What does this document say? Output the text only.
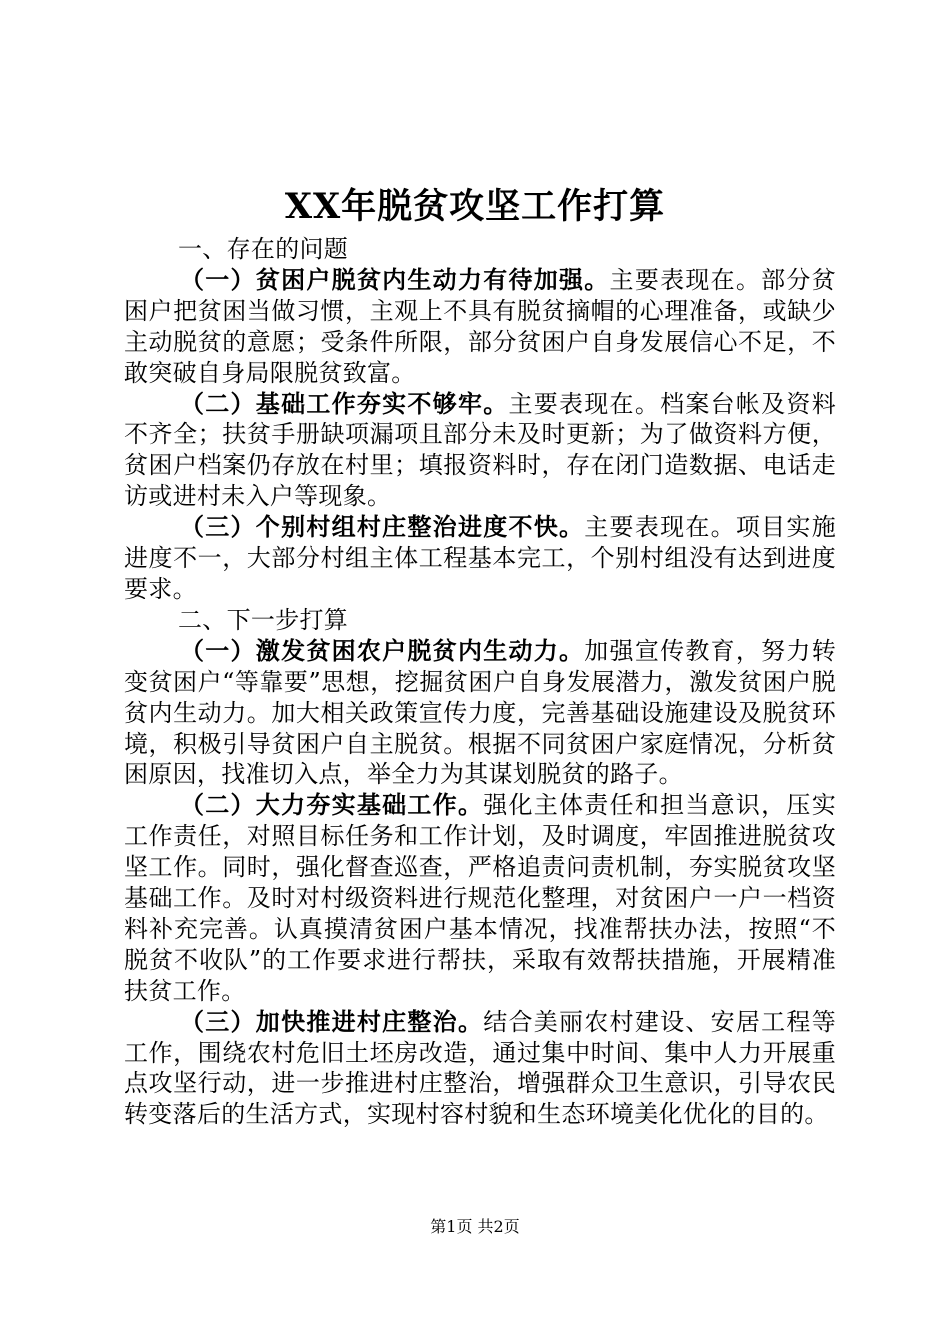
XX年脱贫攻坚工作打算

一、存在的问题

（一）贫困户脱贫内生动力有待加强。主要表现在。部分贫困户把贫困当做习惯，主观上不具有脱贫摘帽的心理准备，或缺少主动脱贫的意愿；受条件所限，部分贫困户自身发展信心不足，不敢突破自身局限脱贫致富。

（二）基础工作夯实不够牢。主要表现在。档案台帐及资料不齐全；扶贫手册缺项漏项且部分未及时更新；为了做资料方便，贫困户档案仍存放在村里；填报资料时，存在闭门造数据、电话走访或进村未入户等现象。

（三）个别村组村庄整治进度不快。主要表现在。项目实施进度不一，大部分村组主体工程基本完工，个别村组没有达到进度要求。

二、下一步打算

（一）激发贫困农户脱贫内生动力。加强宣传教育，努力转变贫困户“等靠要”思想，挖掘贫困户自身发展潜力，激发贫困户脱贫内生动力。加大相关政策宣传力度，完善基础设施建设及脱贫环境，积极引导贫困户自主脱贫。根据不同贫困户家庭情况，分析贫困原因，找准切入点，举全力为其谋划脱贫的路子。

（二）大力夯实基础工作。强化主体责任和担当意识，压实工作责任，对照目标任务和工作计划，及时调度，牢固推进脱贫攻坚工作。同时，强化督查巡查，严格追责问责机制，夯实脱贫攻坚基础工作。及时对村级资料进行规范化整理，对贫困户一户一档资料补充完善。认真摸清贫困户基本情况，找准帮扶办法，按照“不脱贫不收队”的工作要求进行帮扶，采取有效帮扶措施，开展精准扶贫工作。

（三）加快推进村庄整治。结合美丽农村建设、安居工程等工作，围绕农村危旧土坯房改造，通过集中时间、集中人力开展重点攻坚行动，进一步推进村庄整治，增强群众卫生意识，引导农民转变落后的生活方式，实现村容村貌和生态环境美化优化的目的。

第1页 共2页
